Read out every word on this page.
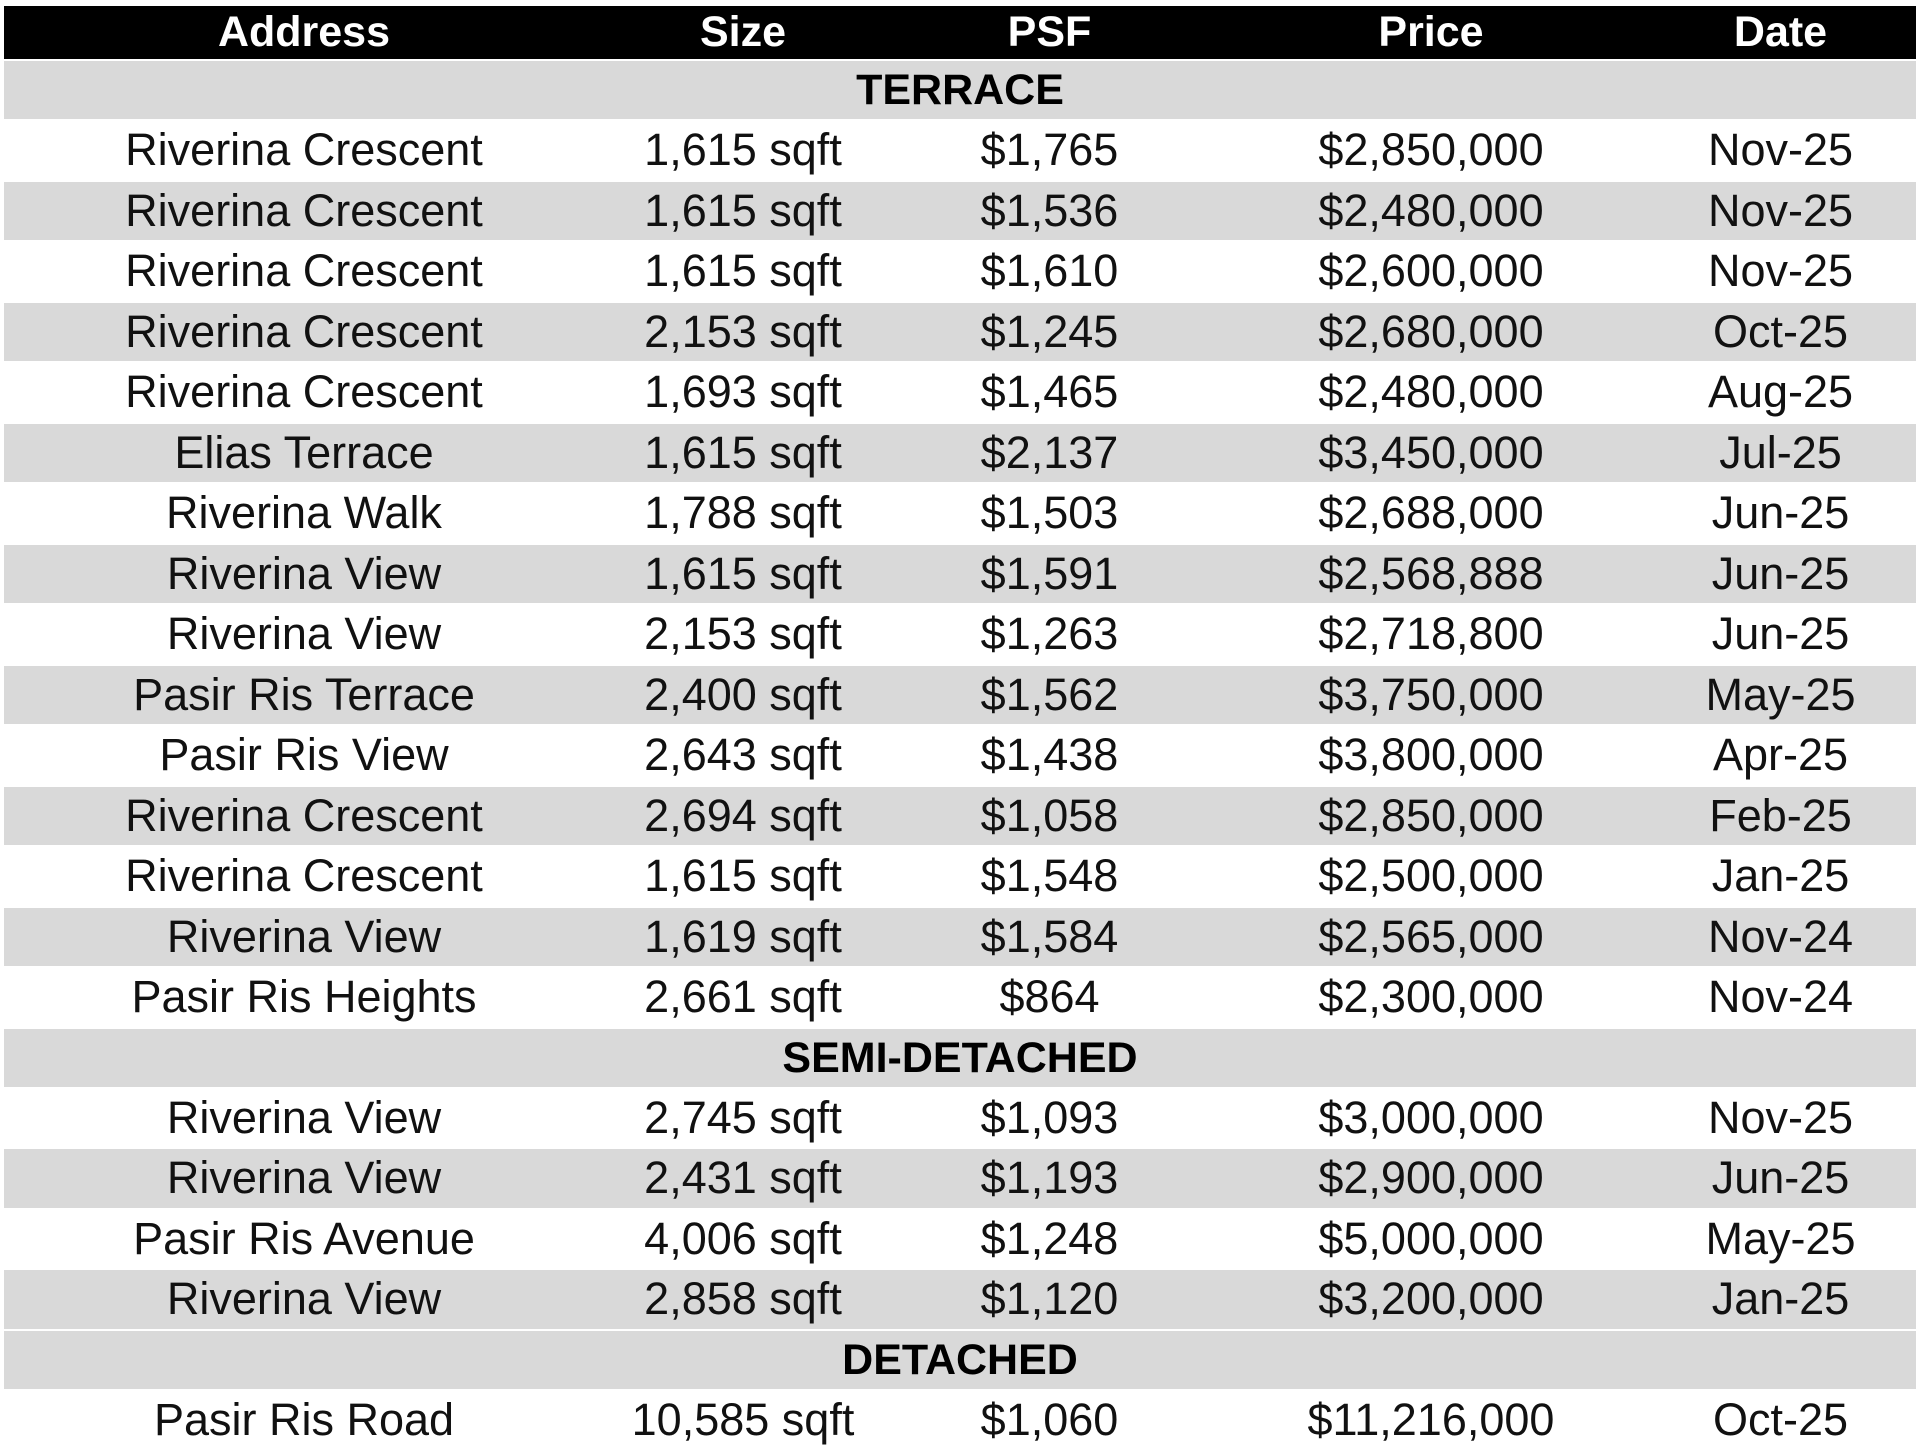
Address	Size	PSF	Price	Date
TERRACE				
Riverina Crescent	1,615 sqft	$1,765	$2,850,000	Nov-25
Riverina Crescent	1,615 sqft	$1,536	$2,480,000	Nov-25
Riverina Crescent	1,615 sqft	$1,610	$2,600,000	Nov-25
Riverina Crescent	2,153 sqft	$1,245	$2,680,000	Oct-25
Riverina Crescent	1,693 sqft	$1,465	$2,480,000	Aug-25
Elias Terrace	1,615 sqft	$2,137	$3,450,000	Jul-25
Riverina Walk	1,788 sqft	$1,503	$2,688,000	Jun-25
Riverina View	1,615 sqft	$1,591	$2,568,888	Jun-25
Riverina View	2,153 sqft	$1,263	$2,718,800	Jun-25
Pasir Ris Terrace	2,400 sqft	$1,562	$3,750,000	May-25
Pasir Ris View	2,643 sqft	$1,438	$3,800,000	Apr-25
Riverina Crescent	2,694 sqft	$1,058	$2,850,000	Feb-25
Riverina Crescent	1,615 sqft	$1,548	$2,500,000	Jan-25
Riverina View	1,619 sqft	$1,584	$2,565,000	Nov-24
Pasir Ris Heights	2,661 sqft	$864	$2,300,000	Nov-24
SEMI-DETACHED				
Riverina View	2,745 sqft	$1,093	$3,000,000	Nov-25
Riverina View	2,431 sqft	$1,193	$2,900,000	Jun-25
Pasir Ris Avenue	4,006 sqft	$1,248	$5,000,000	May-25
Riverina View	2,858 sqft	$1,120	$3,200,000	Jan-25
DETACHED				
Pasir Ris Road	10,585 sqft	$1,060	$11,216,000	Oct-25
